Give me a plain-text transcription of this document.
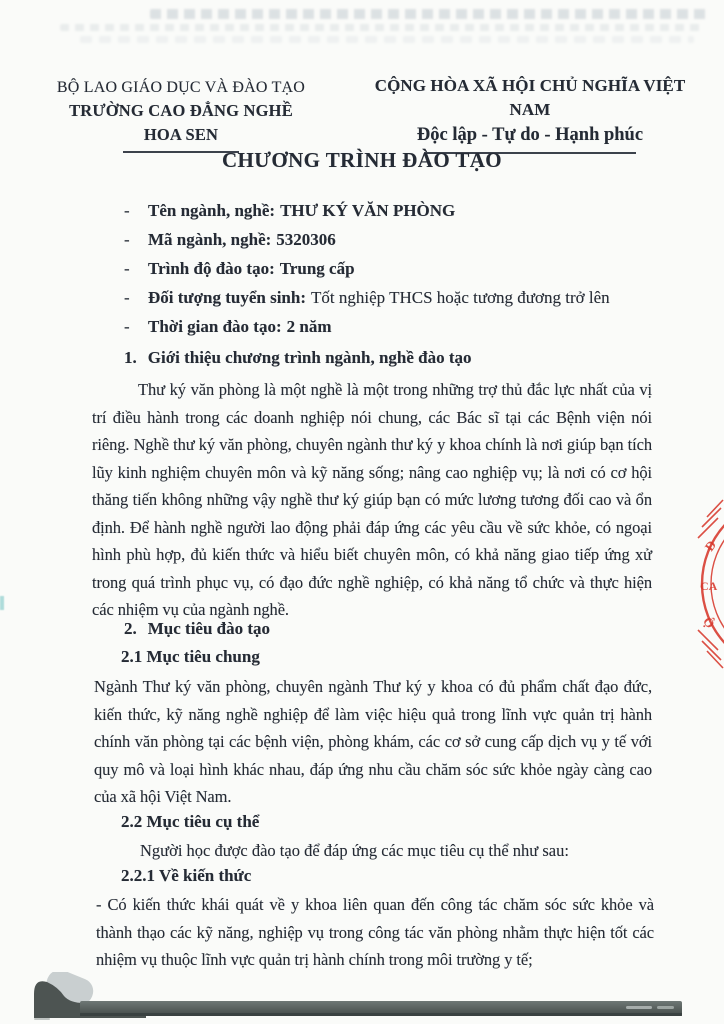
BỘ LAO GIÁO DỤC VÀ ĐÀO TẠO
TRƯỜNG CAO ĐẲNG NGHỀ HOA SEN
CỘNG HÒA XÃ HỘI CHỦ NGHĨA VIỆT NAM
Độc lập - Tự do - Hạnh phúc
CHƯƠNG TRÌNH ĐÀO TẠO
-	Tên ngành, nghề: THƯ KÝ VĂN PHÒNG
-	Mã ngành, nghề: 5320306
-	Trình độ đào tạo: Trung cấp
-	Đối tượng tuyển sinh: Tốt nghiệp THCS hoặc tương đương trở lên
-	Thời gian đào tạo: 2 năm
1. Giới thiệu chương trình ngành, nghề đào tạo
Thư ký văn phòng là một nghề là một trong những trợ thủ đắc lực nhất của vị trí điều hành trong các doanh nghiệp nói chung, các Bác sĩ tại các Bệnh viện nói riêng. Nghề thư ký văn phòng, chuyên ngành thư ký y khoa chính là nơi giúp bạn tích lũy kinh nghiệm chuyên môn và kỹ năng sống; nâng cao nghiệp vụ; là nơi có cơ hội thăng tiến không những vậy nghề thư ký giúp bạn có mức lương tương đối cao và ổn định. Để hành nghề người lao động phải đáp ứng các yêu cầu về sức khỏe, có ngoại hình phù hợp, đủ kiến thức và hiểu biết chuyên môn, có khả năng giao tiếp ứng xử trong quá trình phục vụ, có đạo đức nghề nghiệp, có khả năng tổ chức và thực hiện các nhiệm vụ của ngành nghề.
2. Mục tiêu đào tạo
2.1 Mục tiêu chung
Ngành Thư ký văn phòng, chuyên ngành Thư ký y khoa có đủ phẩm chất đạo đức, kiến thức, kỹ năng nghề nghiệp để làm việc hiệu quả trong lĩnh vực quản trị hành chính văn phòng tại các bệnh viện, phòng khám, các cơ sở cung cấp dịch vụ y tế với quy mô và loại hình khác nhau, đáp ứng nhu cầu chăm sóc sức khỏe ngày càng cao của xã hội Việt Nam.
2.2 Mục tiêu cụ thể
Người học được đào tạo để đáp ứng các mục tiêu cụ thể như sau:
2.2.1 Về kiến thức
- Có kiến thức khái quát về y khoa liên quan đến công tác chăm sóc sức khỏe và thành thạo các kỹ năng, nghiệp vụ trong công tác văn phòng nhằm thực hiện tốt các nhiệm vụ thuộc lĩnh vực quản trị hành chính trong môi trường y tế;
Đ
CA
Ộ
